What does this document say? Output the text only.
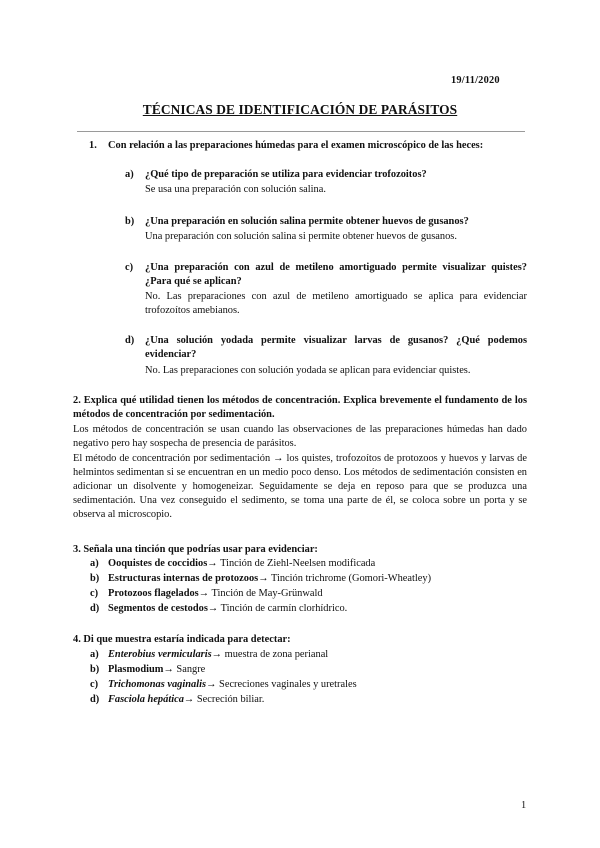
19/11/2020
TÉCNICAS DE IDENTIFICACIÓN DE PARÁSITOS
1. Con relación a las preparaciones húmedas para el examen microscópico de las heces:
a) ¿Qué tipo de preparación se utiliza para evidenciar trofozoitos?
Se usa una preparación con solución salina.
b) ¿Una preparación en solución salina permite obtener huevos de gusanos?
Una preparación con solución salina si permite obtener huevos de gusanos.
c) ¿Una preparación con azul de metileno amortiguado permite visualizar quistes? ¿Para qué se aplican?
No. Las preparaciones con azul de metileno amortiguado se aplica para evidenciar trofozoítos amebianos.
d) ¿Una solución yodada permite visualizar larvas de gusanos? ¿Qué podemos evidenciar?
No. Las preparaciones con solución yodada se aplican para evidenciar quistes.
2. Explica qué utilidad tienen los métodos de concentración. Explica brevemente el fundamento de los métodos de concentración por sedimentación.
Los métodos de concentración se usan cuando las observaciones de las preparaciones húmedas han dado negativo pero hay sospecha de presencia de parásitos.
El método de concentración por sedimentación → los quistes, trofozoítos de protozoos y huevos y larvas de helmintos sedimentan si se encuentran en un medio poco denso. Los métodos de sedimentación consisten en adicionar un disolvente y homogeneizar. Seguidamente se deja en reposo para que se produzca una sedimentación. Una vez conseguido el sedimento, se toma una parte de él, se coloca sobre un porta y se observa al microscopio.
3. Señala una tinción que podrías usar para evidenciar:
a) Ooquistes de coccidios→ Tinción de Ziehl-Neelsen modificada
b) Estructuras internas de protozoos→ Tinción trichrome (Gomori-Wheatley)
c) Protozoos flagelados→ Tinción de May-Grünwald
d) Segmentos de cestodos→ Tinción de carmín clorhídrico.
4. Di que muestra estaría indicada para detectar:
a) Enterobius vermicularis→ muestra de zona perianal
b) Plasmodium→ Sangre
c) Trichomonas vaginalis→ Secreciones vaginales y uretrales
d) Fasciola hepática→ Secreción biliar.
1
